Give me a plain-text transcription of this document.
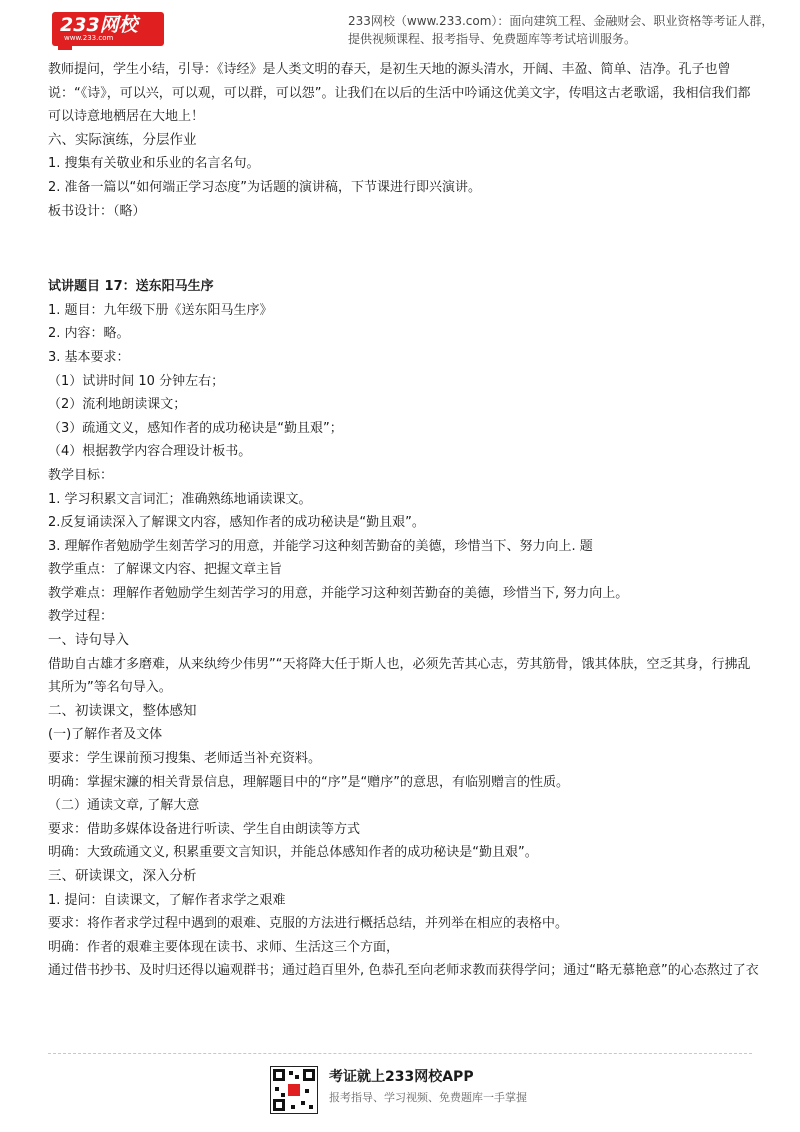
233网校
www.233.com
233网校（www.233.com）：面向建筑工程、金融财会、职业资格等考证人群，
提供视频课程、报考指导、免费题库等考试培训服务。

教师提问，学生小结，引导：《诗经》是人类文明的春天，是初生天地的源头清水，开阔、丰盈、简单、洁净。孔子也曾说：“《诗》，可以兴，可以观，可以群，可以怨”。让我们在以后的生活中吟诵这优美文字，传唱这古老歌谣，我相信我们都可以诗意地栖居在大地上！

六、实际演练，分层作业

1. 搜集有关敬业和乐业的名言名句。

2. 准备一篇以“如何端正学习态度”为话题的演讲稿，下节课进行即兴演讲。

板书设计：（略）

试讲题目 17：送东阳马生序

1. 题目：九年级下册《送东阳马生序》

2. 内容：略。

3. 基本要求：

（1）试讲时间 10 分钟左右；

（2）流利地朗读课文；

（3）疏通文义，感知作者的成功秘诀是“勤且艰”；

（4）根据教学内容合理设计板书。

教学目标：

1. 学习积累文言词汇；准确熟练地诵读课文。

2.反复诵读深入了解课文内容，感知作者的成功秘诀是“勤且艰”。

3. 理解作者勉励学生刻苦学习的用意，并能学习这种刻苦勤奋的美德，珍惜当下、努力向上. 题

教学重点：了解课文内容、把握文章主旨

教学难点：理解作者勉励学生刻苦学习的用意，并能学习这种刻苦勤奋的美德，珍惜当下, 努力向上。

教学过程：

一、诗句导入

借助自古雄才多磨难，从来纨绔少伟男”“天将降大任于斯人也，必须先苦其心志，劳其筋骨，饿其体肤，空乏其身，行拂乱其所为”等名句导入。

二、初读课文，整体感知

(一)了解作者及文体

要求：学生课前预习搜集、老师适当补充资料。

明确：掌握宋濂的相关背景信息，理解题目中的“序”是“赠序”的意思，有临别赠言的性质。

（二）通读文章, 了解大意

要求：借助多媒体设备进行听读、学生自由朗读等方式

明确：大致疏通文义, 积累重要文言知识，并能总体感知作者的成功秘诀是“勤且艰”。

三、研读课文，深入分析

1. 提问：自读课文，了解作者求学之艰难

要求：将作者求学过程中遇到的艰难、克服的方法进行概括总结，并列举在相应的表格中。

明确：作者的艰难主要体现在读书、求师、生活这三个方面，

通过借书抄书、及时归还得以遍观群书；通过趋百里外, 色恭孔至向老师求教而获得学问；通过“略无慕艳意”的心态熬过了衣

考证就上233网校APP
报考指导、学习视频、免费题库一手掌握
